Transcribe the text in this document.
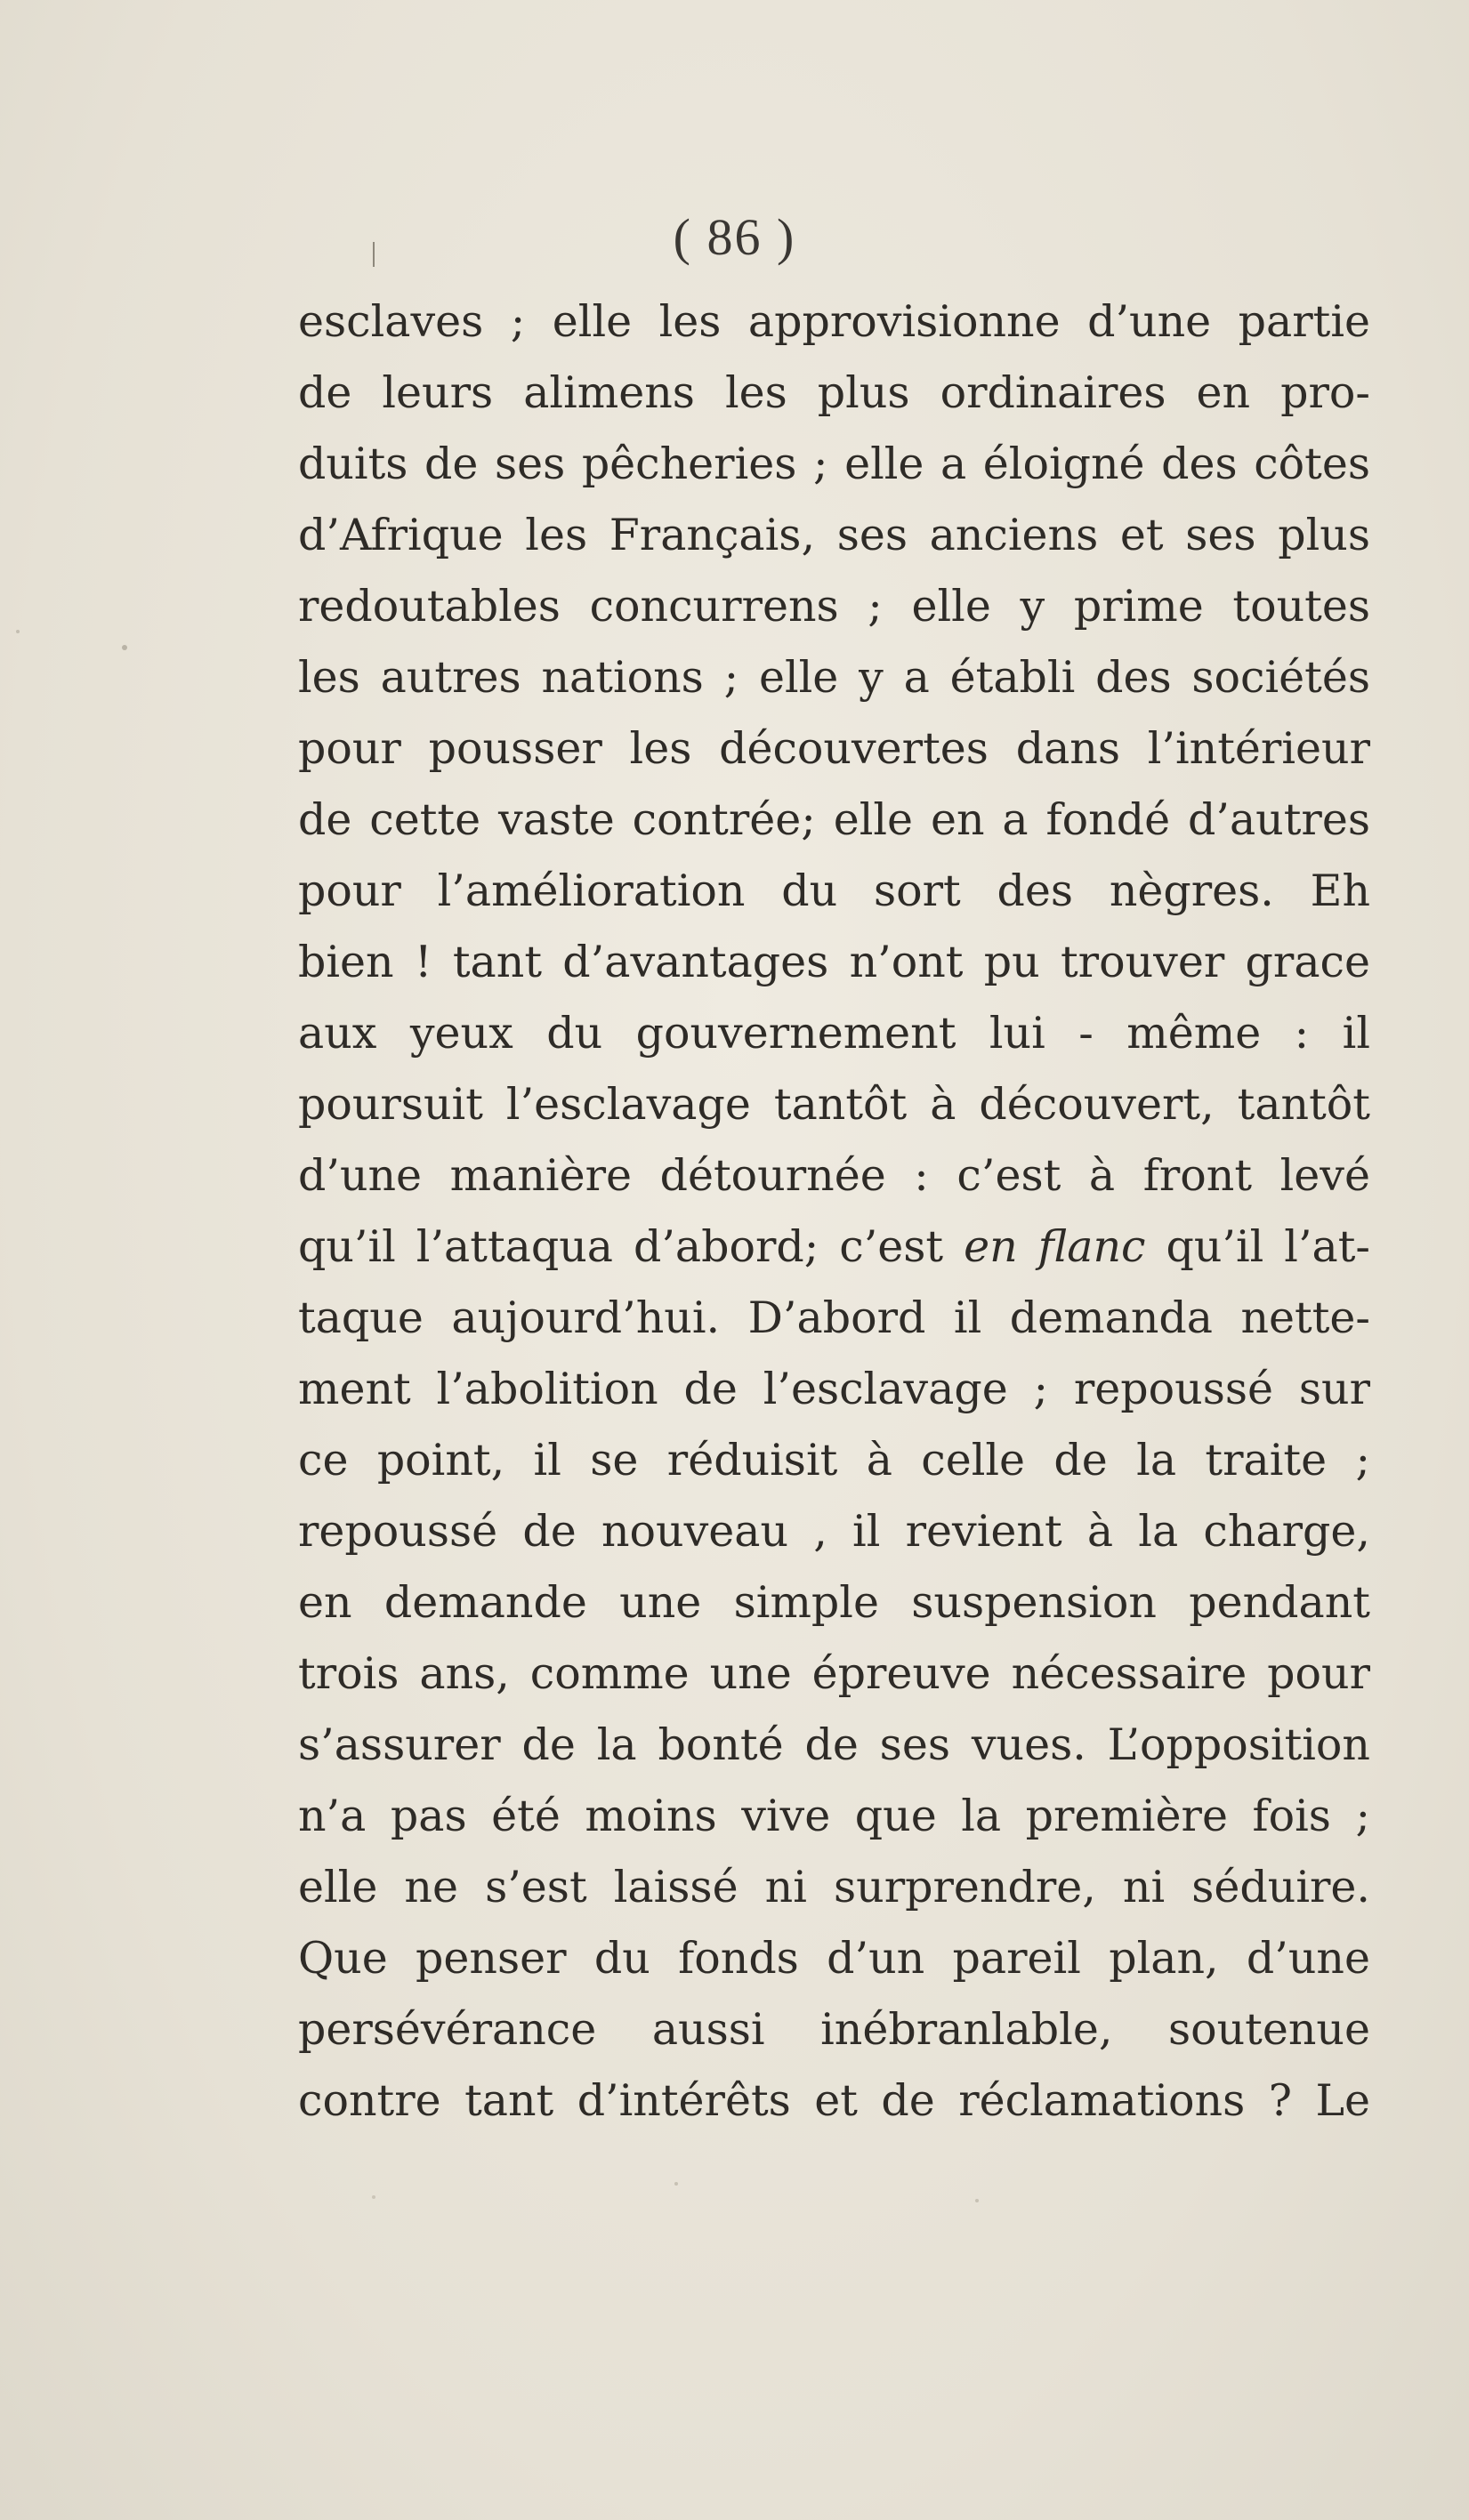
( 86 )
esclaves ; elle les approvisionne d’une partie
de leurs alimens les plus ordinaires en pro-
duits de ses pêcheries ; elle a éloigné des côtes
d’Afrique les Français, ses anciens et ses plus
redoutables concurrens ; elle y prime toutes
les autres nations ; elle y a établi des sociétés
pour pousser les découvertes dans l’intérieur
de cette vaste contrée; elle en a fondé d’autres
pour l’amélioration du sort des nègres. Eh
bien ! tant d’avantages n’ont pu trouver grace
aux yeux du gouvernement lui - même : il
poursuit l’esclavage tantôt à découvert, tantôt
d’une manière détournée : c’est à front levé
qu’il l’attaqua d’abord; c’est en flanc qu’il l’at-
taque aujourd’hui. D’abord il demanda nette-
ment l’abolition de l’esclavage ; repoussé sur
ce point, il se réduisit à celle de la traite ;
repoussé de nouveau , il revient à la charge,
en demande une simple suspension pendant
trois ans, comme une épreuve nécessaire pour
s’assurer de la bonté de ses vues. L’opposition
n’a pas été moins vive que la première fois ;
elle ne s’est laissé ni surprendre, ni séduire.
Que penser du fonds d’un pareil plan, d’une
persévérance aussi inébranlable, soutenue
contre tant d’intérêts et de réclamations ? Le
